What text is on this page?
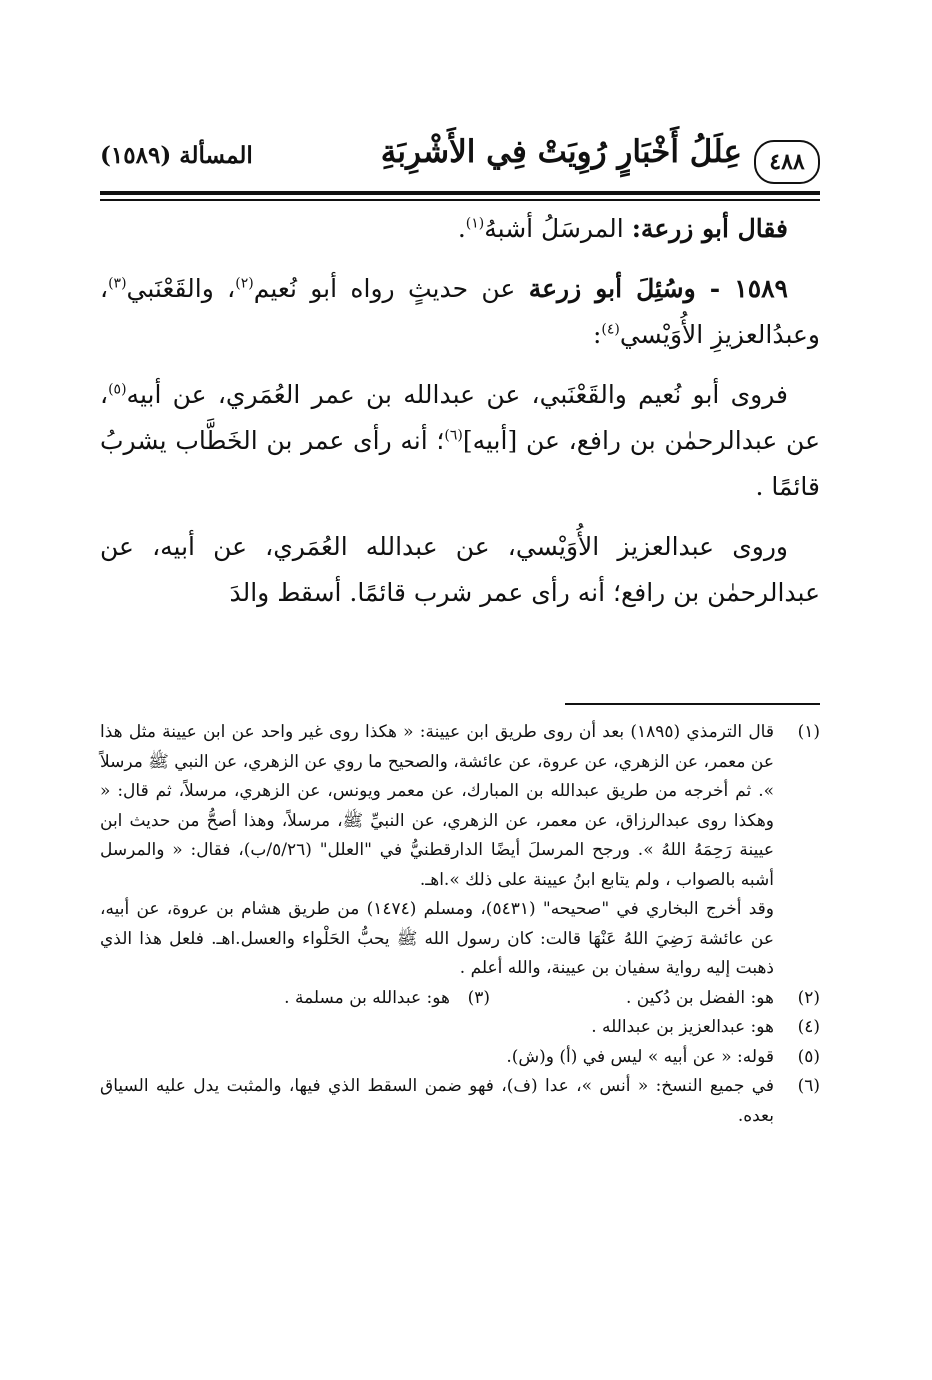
٤٨٨
عِلَلُ أَخْبَارٍ رُوِيَتْ فِي الأَشْرِبَةِ
المسألة (١٥٨٩)

فقال أبو زرعة: المرسَلُ أشبهُ$^{(١)}$.

١٥٨٩ - وسُئِلَ أبو زرعة عن حديثٍ رواه أبو نُعيم$^{(٢)}$، والقَعْنَبي$^{(٣)}$، وعبدُالعزيزِ الأُوَيْسي$^{(٤)}$:

فروى أبو نُعيم والقَعْنَبي، عن عبدالله بن عمر العُمَري، عن أبيه$^{(٥)}$، عن عبدالرحمٰن بن رافع، عن [أبيه]$^{(٦)}$؛ أنه رأى عمر بن الخَطَّاب يشربُ قائمًا .

وروى عبدالعزيز الأُوَيْسي، عن عبدالله العُمَري، عن أبيه، عن عبدالرحمٰن بن رافع؛ أنه رأى عمر شرب قائمًا. أسقط والدَ

(١)
قال الترمذي (١٨٩٥) بعد أن روى طريق ابن عيينة: « هكذا روى غير واحد عن ابن عيينة مثل هذا عن معمر، عن الزهري، عن عروة، عن عائشة، والصحيح ما روي عن الزهري، عن النبي ﷺ مرسلاً ». ثم أخرجه من طريق عبدالله بن المبارك، عن معمر ويونس، عن الزهري، مرسلاً، ثم قال: « وهكذا روى عبدالرزاق، عن معمر، عن الزهري، عن النبيِّ ﷺ، مرسلاً، وهذا أصحُّ من حديث ابن عيينة رَحِمَهُ اللهُ ». ورجح المرسلَ أيضًا الدارقطنيُّ في "العلل" (٥/٢٦/ب)، فقال: « والمرسل أشبه بالصواب ، ولم يتابع ابنُ عيينة على ذلك ».اهـ.
وقد أخرج البخاري في "صحيحه" (٥٤٣١)، ومسلم (١٤٧٤) من طريق هشام بن عروة، عن أبيه، عن عائشة رَضِيَ اللهُ عَنْهَا قالت: كان رسول الله ﷺ يحبُّ الحَلْواء والعسل.اهـ. فلعل هذا الذي ذهبت إليه رواية سفيان بن عيينة، والله أعلم .
(٢)
هو: الفضل بن دُكين .
(٣)
هو: عبدالله بن مسلمة .
(٤)
هو: عبدالعزيز بن عبدالله .
(٥)
قوله: « عن أبيه » ليس في (أ) و(ش).
(٦)
في جميع النسخ: « أنس »، عدا (ف)، فهو ضمن السقط الذي فيها، والمثبت يدل عليه السياق بعده.
